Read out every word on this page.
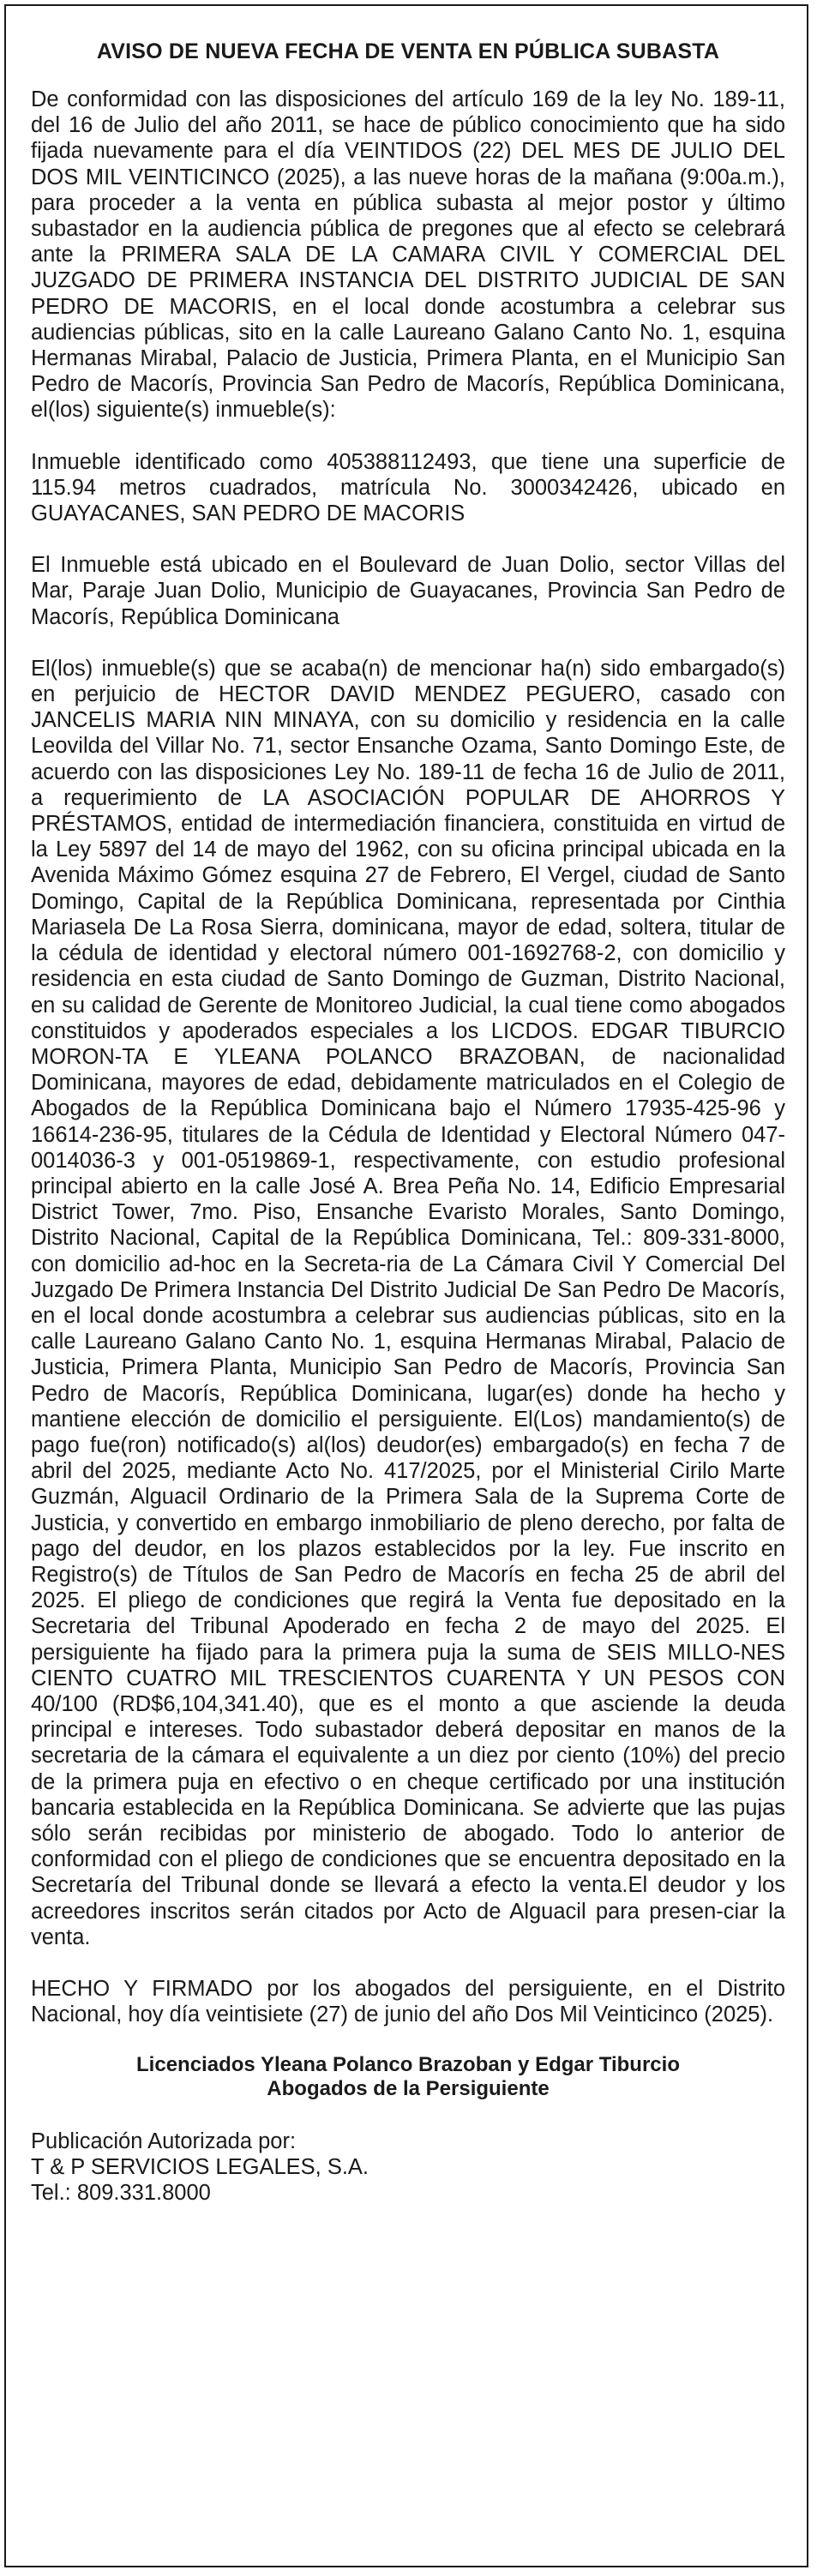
AVISO DE NUEVA FECHA DE VENTA EN PÚBLICA SUBASTA

De conformidad con las disposiciones del artículo 169 de la ley No. 189-11, del 16 de Julio del año 2011, se hace de público conocimiento que ha sido fijada nuevamente para el día VEINTIDOS (22) DEL MES DE JULIO DEL DOS MIL VEINTICINCO (2025), a las nueve horas de la mañana (9:00a.m.), para proceder a la venta en pública subasta al mejor postor y último subastador en la audiencia pública de pregones que al efecto se celebrará ante la PRIMERA SALA DE LA CAMARA CIVIL Y COMERCIAL DEL JUZGADO DE PRIMERA INSTANCIA DEL DISTRITO JUDICIAL DE SAN PEDRO DE MACORIS, en el local donde acostumbra a celebrar sus audiencias públicas, sito en la calle Laureano Galano Canto No. 1, esquina Hermanas Mirabal, Palacio de Justicia, Primera Planta, en el Municipio San Pedro de Macorís, Provincia San Pedro de Macorís, República Dominicana, el(los) siguiente(s) inmueble(s):

Inmueble identificado como 405388112493, que tiene una superficie de 115.94 metros cuadrados, matrícula No. 3000342426, ubicado en GUAYACANES, SAN PEDRO DE MACORIS

El Inmueble está ubicado en el Boulevard de Juan Dolio, sector Villas del Mar, Paraje Juan Dolio, Municipio de Guayacanes, Provincia San Pedro de Macorís, República Dominicana

El(los) inmueble(s) que se acaba(n) de mencionar ha(n) sido embargado(s) en perjuicio de HECTOR DAVID MENDEZ PEGUERO, casado con JANCELIS MARIA NIN MINAYA, con su domicilio y residencia en la calle Leovilda del Villar No. 71, sector Ensanche Ozama, Santo Domingo Este, de acuerdo con las disposiciones Ley No. 189-11 de fecha 16 de Julio de 2011, a requerimiento de LA ASOCIACIÓN POPULAR DE AHORROS Y PRÉSTAMOS, entidad de intermediación financiera, constituida en virtud de la Ley 5897 del 14 de mayo del 1962, con su oficina principal ubicada en la Avenida Máximo Gómez esquina 27 de Febrero, El Vergel, ciudad de Santo Domingo, Capital de la República Dominicana, representada por Cinthia Mariasela De La Rosa Sierra, dominicana, mayor de edad, soltera, titular de la cédula de identidad y electoral número 001-1692768-2, con domicilio y residencia en esta ciudad de Santo Domingo de Guzman, Distrito Nacional, en su calidad de Gerente de Monitoreo Judicial, la cual tiene como abogados constituidos y apoderados especiales a los LICDOS. EDGAR TIBURCIO MORON-TA E YLEANA POLANCO BRAZOBAN, de nacionalidad Dominicana, mayores de edad, debidamente matriculados en el Colegio de Abogados de la República Dominicana bajo el Número 17935-425-96 y 16614-236-95, titulares de la Cédula de Identidad y Electoral Número 047-0014036-3 y 001-0519869-1, respectivamente, con estudio profesional principal abierto en la calle José A. Brea Peña No. 14, Edificio Empresarial District Tower, 7mo. Piso, Ensanche Evaristo Morales, Santo Domingo, Distrito Nacional, Capital de la República Dominicana, Tel.: 809-331-8000, con domicilio ad-hoc en la Secreta-ria de La Cámara Civil Y Comercial Del Juzgado De Primera Instancia Del Distrito Judicial De San Pedro De Macorís, en el local donde acostumbra a celebrar sus audiencias públicas, sito en la calle Laureano Galano Canto No. 1, esquina Hermanas Mirabal, Palacio de Justicia, Primera Planta, Municipio San Pedro de Macorís, Provincia San Pedro de Macorís, República Dominicana, lugar(es) donde ha hecho y mantiene elección de domicilio el persiguiente. El(Los) mandamiento(s) de pago fue(ron) notificado(s) al(los) deudor(es) embargado(s) en fecha 7 de abril del 2025, mediante Acto No. 417/2025, por el Ministerial Cirilo Marte Guzmán, Alguacil Ordinario de la Primera Sala de la Suprema Corte de Justicia, y convertido en embargo inmobiliario de pleno derecho, por falta de pago del deudor, en los plazos establecidos por la ley. Fue inscrito en Registro(s) de Títulos de San Pedro de Macorís en fecha 25 de abril del 2025. El pliego de condiciones que regirá la Venta fue depositado en la Secretaria del Tribunal Apoderado en fecha 2 de mayo del 2025. El persiguiente ha fijado para la primera puja la suma de SEIS MILLO-NES CIENTO CUATRO MIL TRESCIENTOS CUARENTA Y UN PESOS CON 40/100 (RD$6,104,341.40), que es el monto a que asciende la deuda principal e intereses. Todo subastador deberá depositar en manos de la secretaria de la cámara el equivalente a un diez por ciento (10%) del precio de la primera puja en efectivo o en cheque certificado por una institución bancaria establecida en la República Dominicana. Se advierte que las pujas sólo serán recibidas por ministerio de abogado. Todo lo anterior de conformidad con el pliego de condiciones que se encuentra depositado en la Secretaría del Tribunal donde se llevará a efecto la venta.El deudor y los acreedores inscritos serán citados por Acto de Alguacil para presen-ciar la venta.

HECHO Y FIRMADO por los abogados del persiguiente, en el Distrito Nacional, hoy día veintisiete (27) de junio del año Dos Mil Veinticinco (2025).

Licenciados Yleana Polanco Brazoban y Edgar Tiburcio
Abogados de la Persiguiente
Publicación Autorizada por:
T & P SERVICIOS LEGALES, S.A.
Tel.: 809.331.8000
